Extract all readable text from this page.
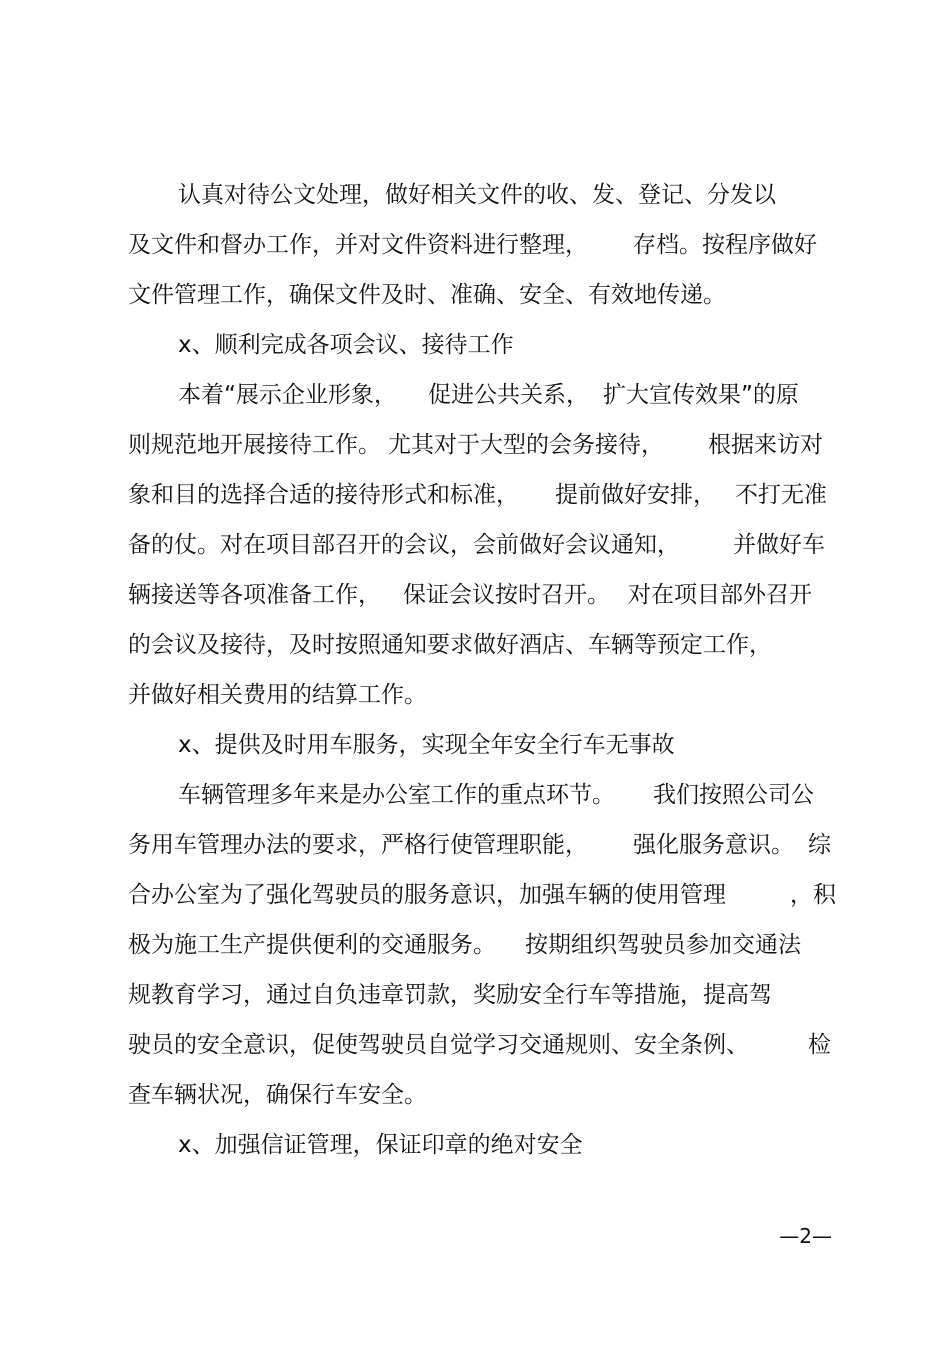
认真对待公文处理，做好相关文件的收、发、登记、分发以
及文件和督办工作，并对文件资料进行整理，	存档。按程序做好
文件管理工作，确保文件及时、准确、安全、有效地传递。
x、顺利完成各项会议、接待工作
本着“展示企业形象，	促进公共关系， 扩大宣传效果”的原
则规范地开展接待工作。 尤其对于大型的会务接待，	根据来访对
象和目的选择合适的接待形式和标准，	提前做好安排， 不打无准
备的仗。对在项目部召开的会议，会前做好会议通知，	并做好车
辆接送等各项准备工作， 保证会议按时召开。 对在项目部外召开
的会议及接待，及时按照通知要求做好酒店、车辆等预定工作，
并做好相关费用的结算工作。
x、提供及时用车服务，实现全年安全行车无事故
车辆管理多年来是办公室工作的重点环节。	我们按照公司公
务用车管理办法的要求，严格行使管理职能，	强化服务意识。 综
合办公室为了强化驾驶员的服务意识，加强车辆的使用管理	，积
极为施工生产提供便利的交通服务。	按期组织驾驶员参加交通法
规教育学习，通过自负违章罚款，奖励安全行车等措施，提高驾
驶员的安全意识，促使驾驶员自觉学习交通规则、安全条例、	检
查车辆状况，确保行车安全。
x、加强信证管理，保证印章的绝对安全
—2—
